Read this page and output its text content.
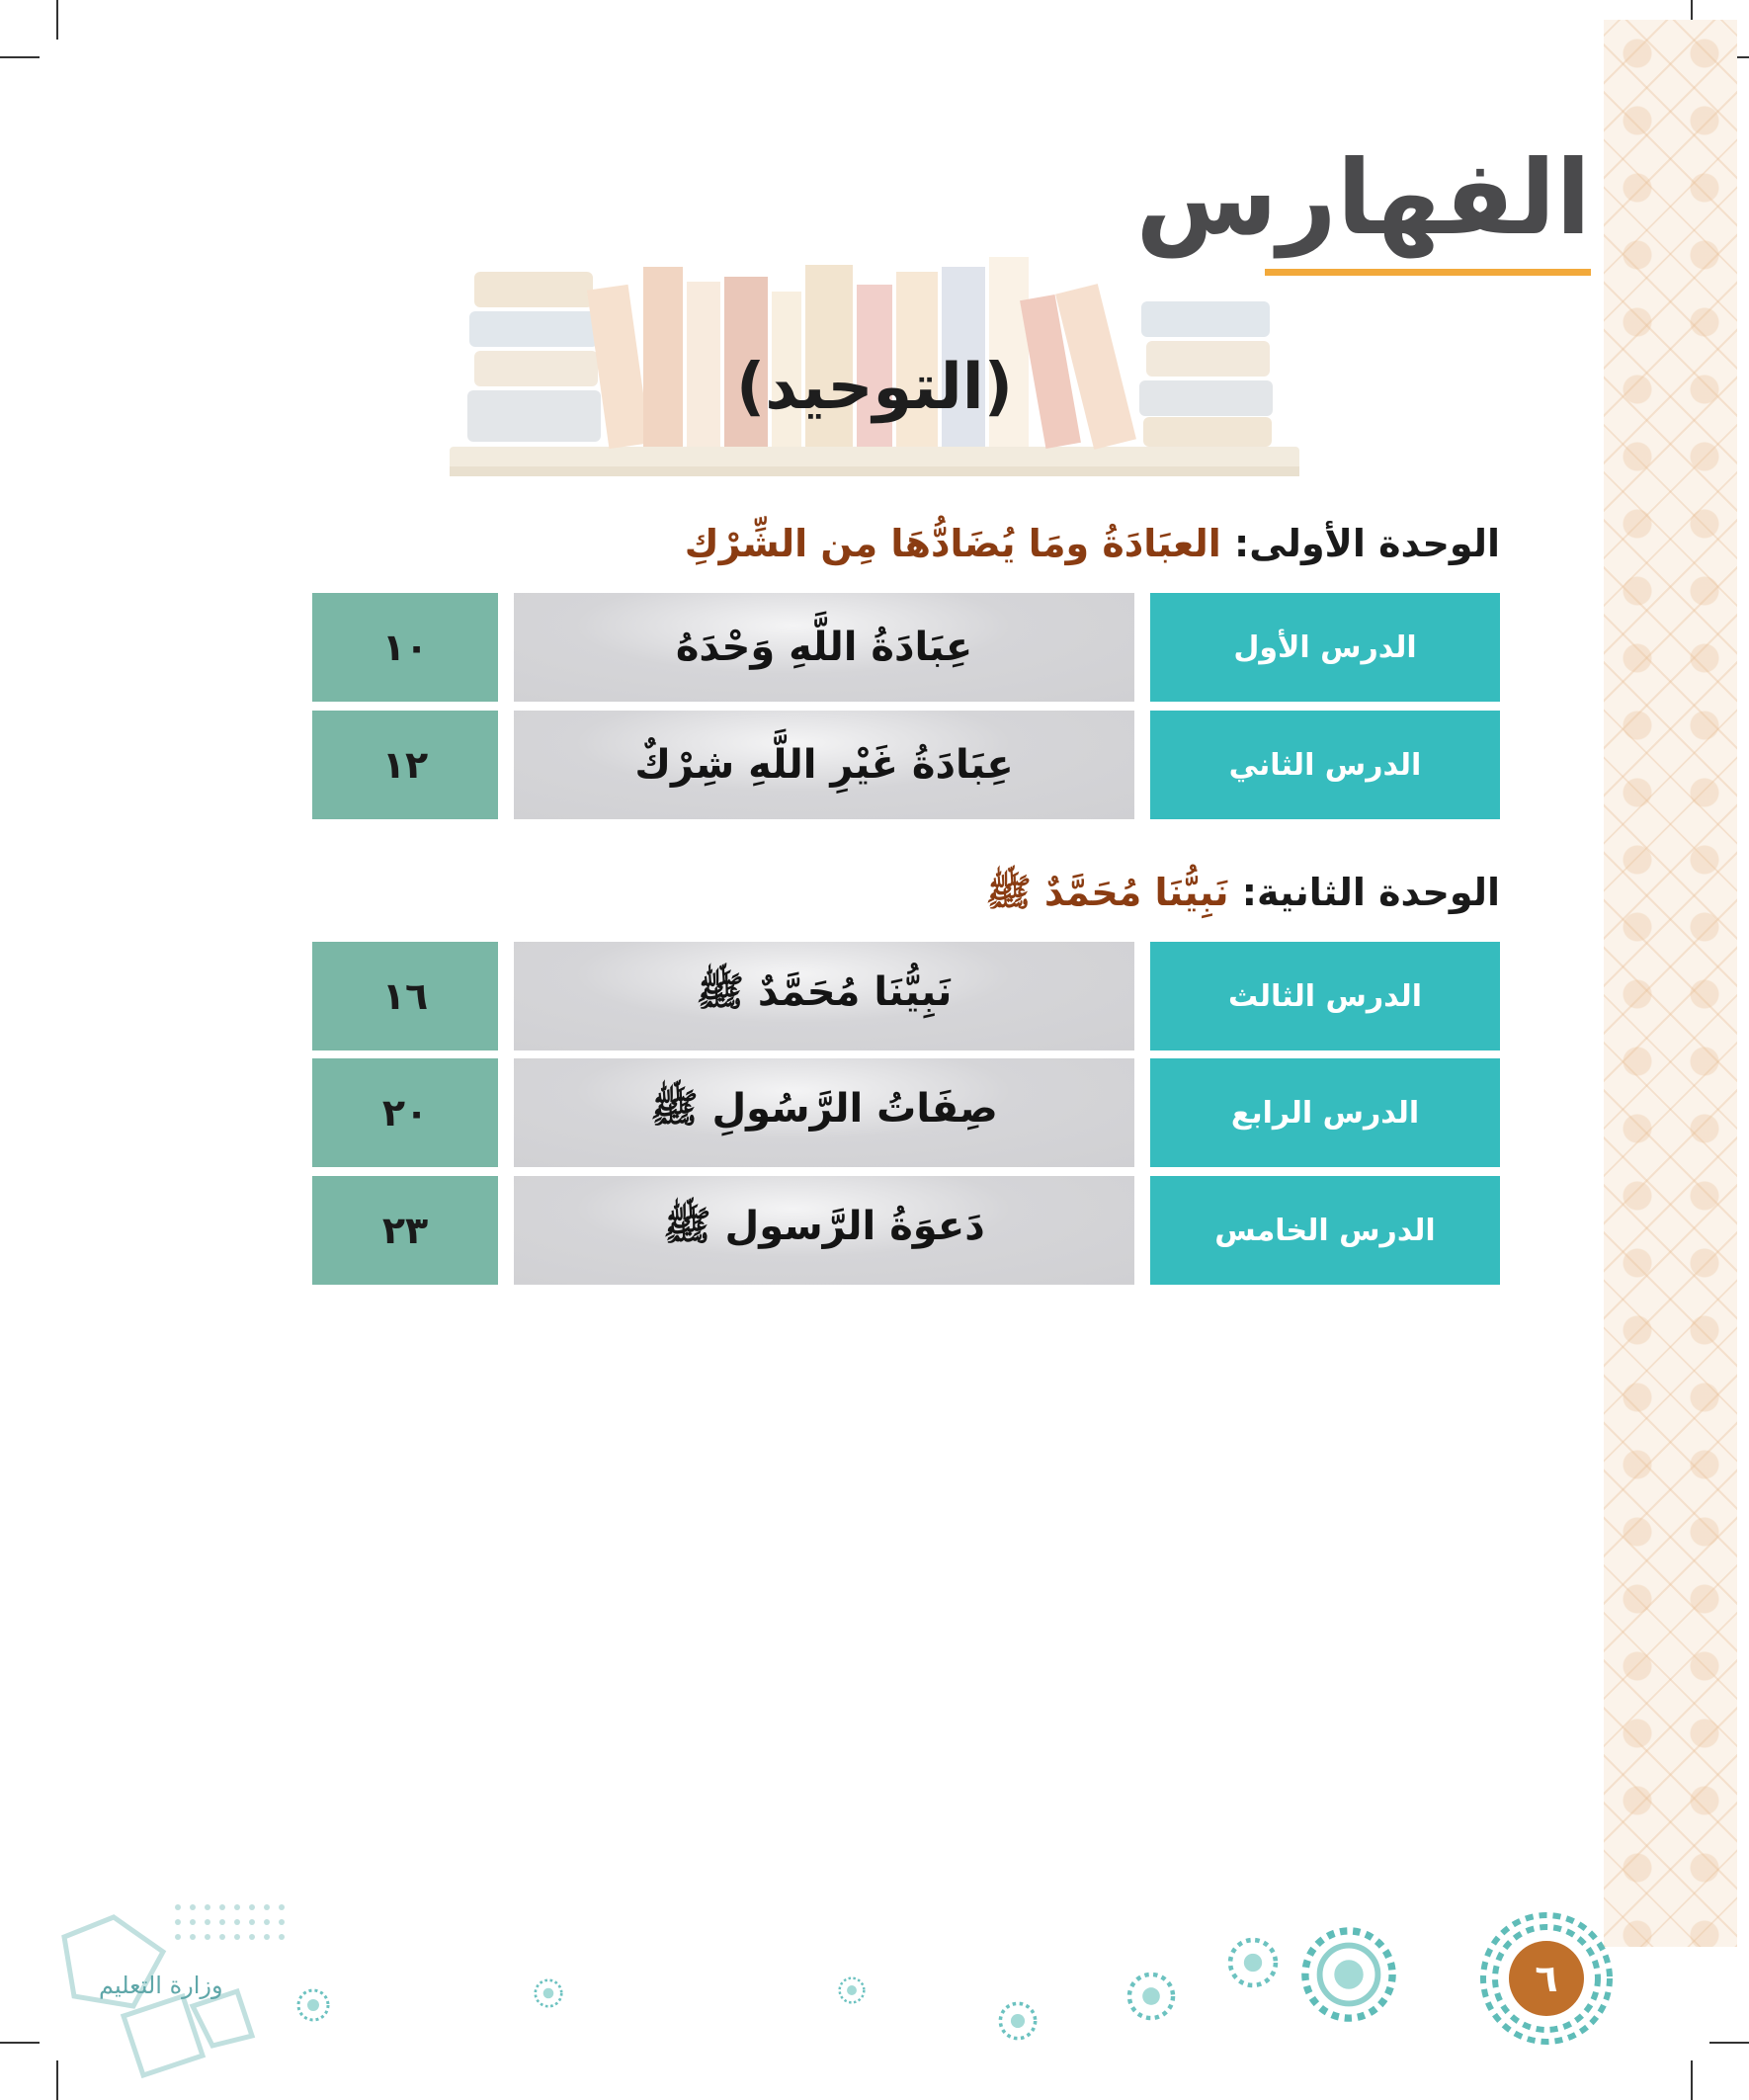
الفهارس
(التوحيد)
الوحدة الأولى: العبَادَةُ ومَا يُضَادُّهَا مِن الشِّرْكِ
الدرس الأول
عِبَادَةُ اللَّهِ وَحْدَهُ
١٠
الدرس الثاني
عِبَادَةُ غَيْرِ اللَّهِ شِرْكٌ
١٢
الوحدة الثانية: نَبِيُّنَا مُحَمَّدٌ ﷺ
الدرس الثالث
نَبِيُّنَا مُحَمَّدٌ ﷺ
١٦
الدرس الرابع
صِفَاتُ الرَّسُولِ ﷺ
٢٠
الدرس الخامس
دَعوَةُ الرَّسول ﷺ
٢٣
٦
وزارة التعليم
